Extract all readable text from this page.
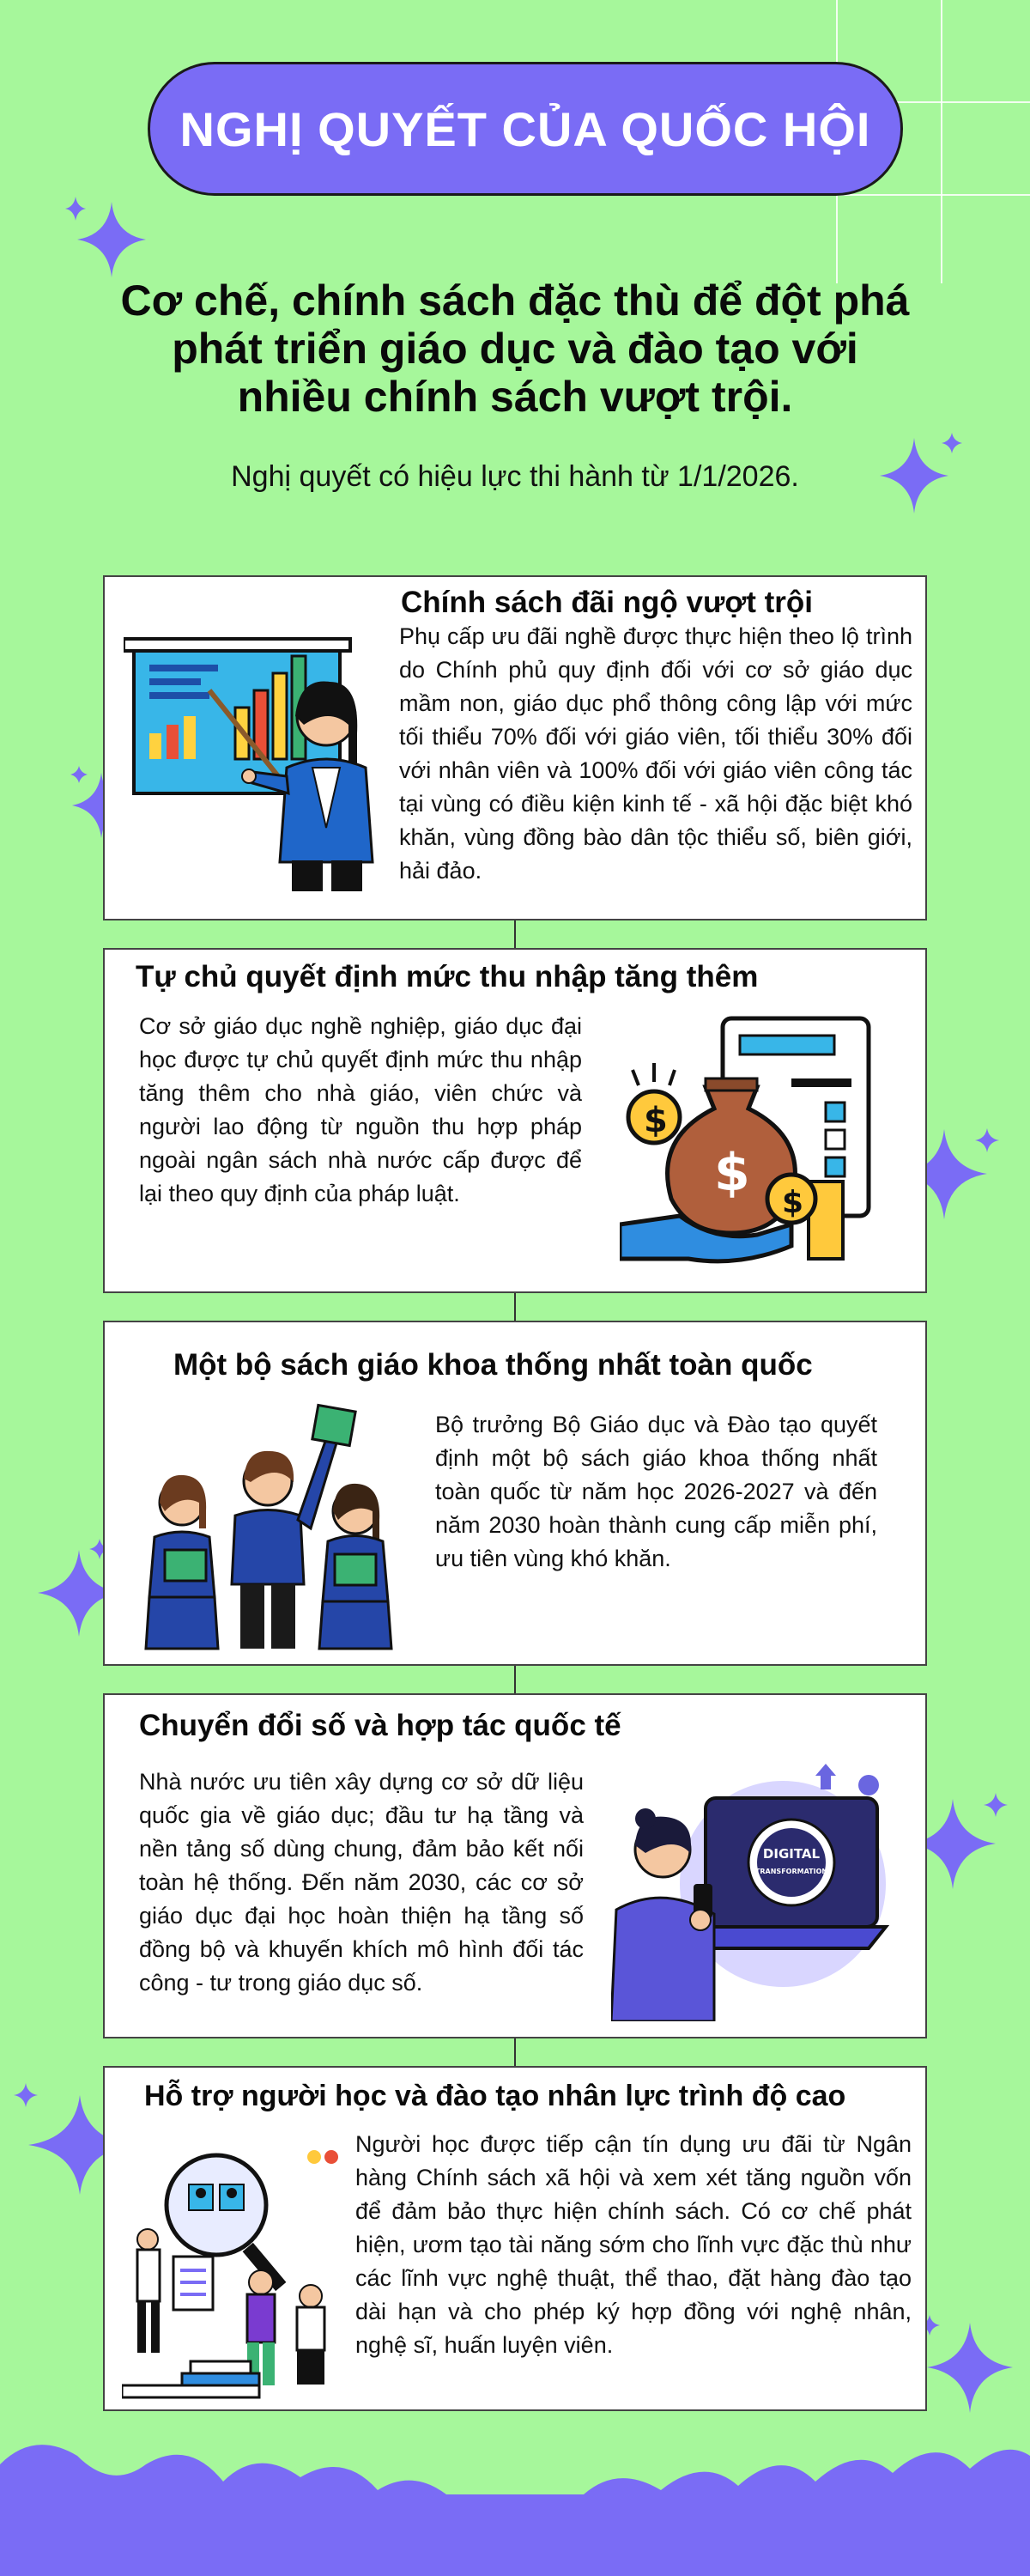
NGHỊ QUYẾT CỦA QUỐC HỘI
Cơ chế, chính sách đặc thù để đột phá
phát triển giáo dục và đào tạo với
nhiều chính sách vượt trội.
Nghị quyết có hiệu lực thi hành từ 1/1/2026.
Chính sách đãi ngộ vượt trội
Phụ cấp ưu đãi nghề được thực hiện theo lộ trình do Chính phủ quy định đối với cơ sở giáo dục mầm non, giáo dục phổ thông công lập với mức tối thiểu 70% đối với giáo viên, tối thiểu 30% đối với nhân viên và 100% đối với giáo viên công tác tại vùng có điều kiện kinh tế - xã hội đặc biệt khó khăn, vùng đồng bào dân tộc thiểu số, biên giới, hải đảo.
Tự chủ quyết định mức thu nhập tăng thêm
Cơ sở giáo dục nghề nghiệp, giáo dục đại học được tự chủ quyết định mức thu nhập tăng thêm cho nhà giáo, viên chức và người lao động từ nguồn thu hợp pháp ngoài ngân sách nhà nước cấp được để lại theo quy định của pháp luật.	$
$
$
Một bộ sách giáo khoa thống nhất toàn quốc
Bộ trưởng Bộ Giáo dục và Đào tạo quyết định một bộ sách giáo khoa thống nhất toàn quốc từ năm học 2026-2027 và đến năm 2030 hoàn thành cung cấp miễn phí, ưu tiên vùng khó khăn.
Chuyển đổi số và hợp tác quốc tế
Nhà nước ưu tiên xây dựng cơ sở dữ liệu quốc gia về giáo dục; đầu tư hạ tầng và nền tảng số dùng chung, đảm bảo kết nối toàn hệ thống. Đến năm 2030, các cơ sở giáo dục đại học hoàn thiện hạ tầng số đồng bộ và khuyến khích mô hình đối tác công - tư trong giáo dục số.
DIGITAL
TRANSFORMATION
Hỗ trợ người học và đào tạo nhân lực trình độ cao
Người học được tiếp cận tín dụng ưu đãi từ Ngân hàng Chính sách xã hội và xem xét tăng nguồn vốn để đảm bảo thực hiện chính sách. Có cơ chế phát hiện, ươm tạo tài năng sớm cho lĩnh vực đặc thù như các lĩnh vực nghệ thuật, thể thao, đặt hàng đào tạo dài hạn và cho phép ký hợp đồng với nghệ nhân, nghệ sĩ, huấn luyện viên.
